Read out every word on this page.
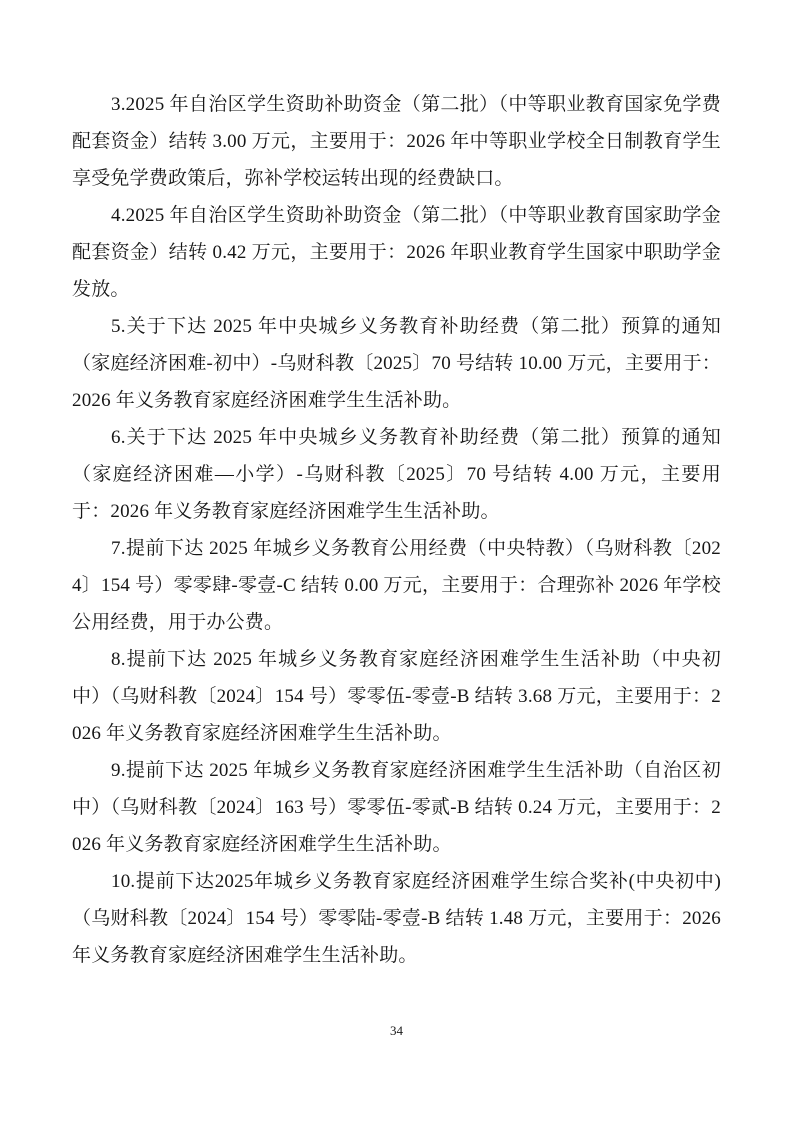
3.2025 年自治区学生资助补助资金（第二批）（中等职业教育国家免学费配套资金）结转 3.00 万元，主要用于：2026 年中等职业学校全日制教育学生享受免学费政策后，弥补学校运转出现的经费缺口。

4.2025 年自治区学生资助补助资金（第二批）（中等职业教育国家助学金配套资金）结转 0.42 万元，主要用于：2026 年职业教育学生国家中职助学金发放。

5.关于下达 2025 年中央城乡义务教育补助经费（第二批）预算的通知（家庭经济困难-初中）-乌财科教〔2025〕70 号结转 10.00 万元，主要用于：2026 年义务教育家庭经济困难学生生活补助。

6.关于下达 2025 年中央城乡义务教育补助经费（第二批）预算的通知（家庭经济困难—小学）-乌财科教〔2025〕70 号结转 4.00 万元，主要用于：2026 年义务教育家庭经济困难学生生活补助。

7.提前下达 2025 年城乡义务教育公用经费（中央特教）（乌财科教〔2024〕154 号）零零肆-零壹-C 结转 0.00 万元，主要用于：合理弥补 2026 年学校公用经费，用于办公费。

8.提前下达 2025 年城乡义务教育家庭经济困难学生生活补助（中央初中）（乌财科教〔2024〕154 号）零零伍-零壹-B 结转 3.68 万元，主要用于：2026 年义务教育家庭经济困难学生生活补助。

9.提前下达 2025 年城乡义务教育家庭经济困难学生生活补助（自治区初中）（乌财科教〔2024〕163 号）零零伍-零贰-B 结转 0.24 万元，主要用于：2026 年义务教育家庭经济困难学生生活补助。

10.提前下达2025年城乡义务教育家庭经济困难学生综合奖补(中央初中)（乌财科教〔2024〕154 号）零零陆-零壹-B 结转 1.48 万元，主要用于：2026 年义务教育家庭经济困难学生生活补助。

34
